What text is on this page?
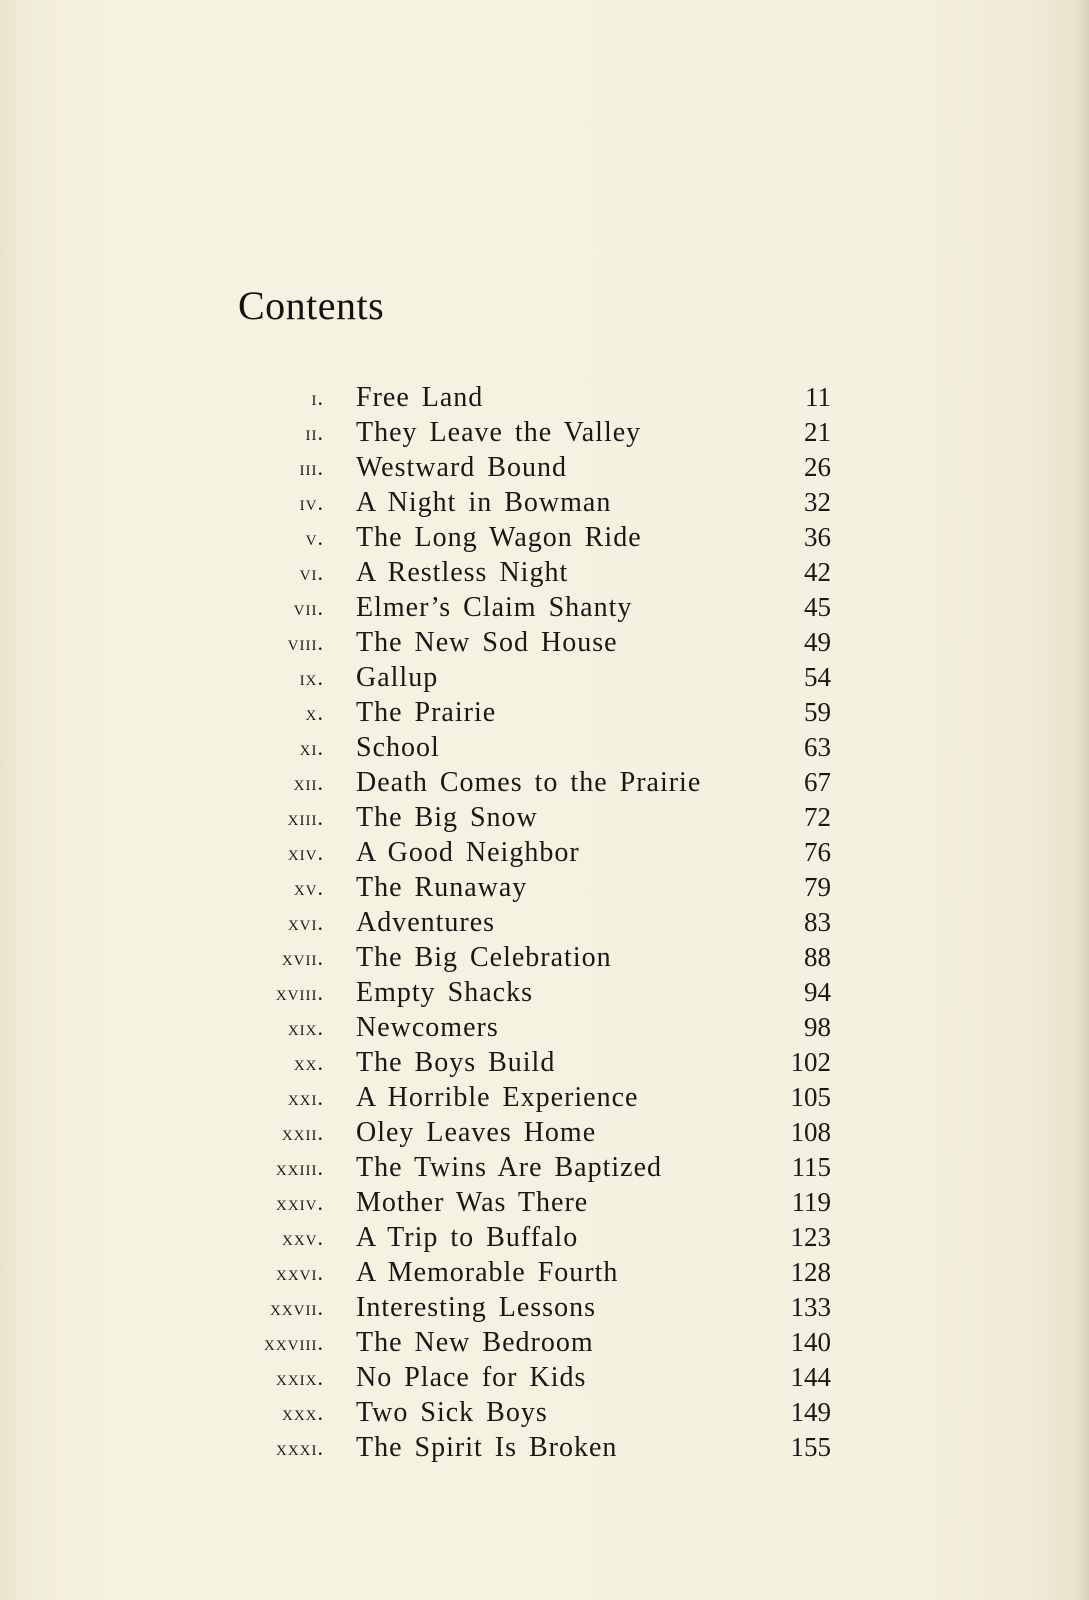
Contents
i. Free Land	11
ii. They Leave the Valley	21
iii. Westward Bound	26
iv. A Night in Bowman	32
v. The Long Wagon Ride	36
vi. A Restless Night	42
vii. Elmer’s Claim Shanty	45
viii. The New Sod House	49
ix. Gallup	54
x. The Prairie	59
xi. School	63
xii. Death Comes to the Prairie	67
xiii. The Big Snow	72
xiv. A Good Neighbor	76
xv. The Runaway	79
xvi. Adventures	83
xvii. The Big Celebration	88
xviii. Empty Shacks	94
xix. Newcomers	98
xx. The Boys Build	102
xxi. A Horrible Experience	105
xxii. Oley Leaves Home	108
xxiii. The Twins Are Baptized	115
xxiv. Mother Was There	119
xxv. A Trip to Buffalo	123
xxvi. A Memorable Fourth	128
xxvii. Interesting Lessons	133
xxviii. The New Bedroom	140
xxix. No Place for Kids	144
xxx. Two Sick Boys	149
xxxi. The Spirit Is Broken	155
